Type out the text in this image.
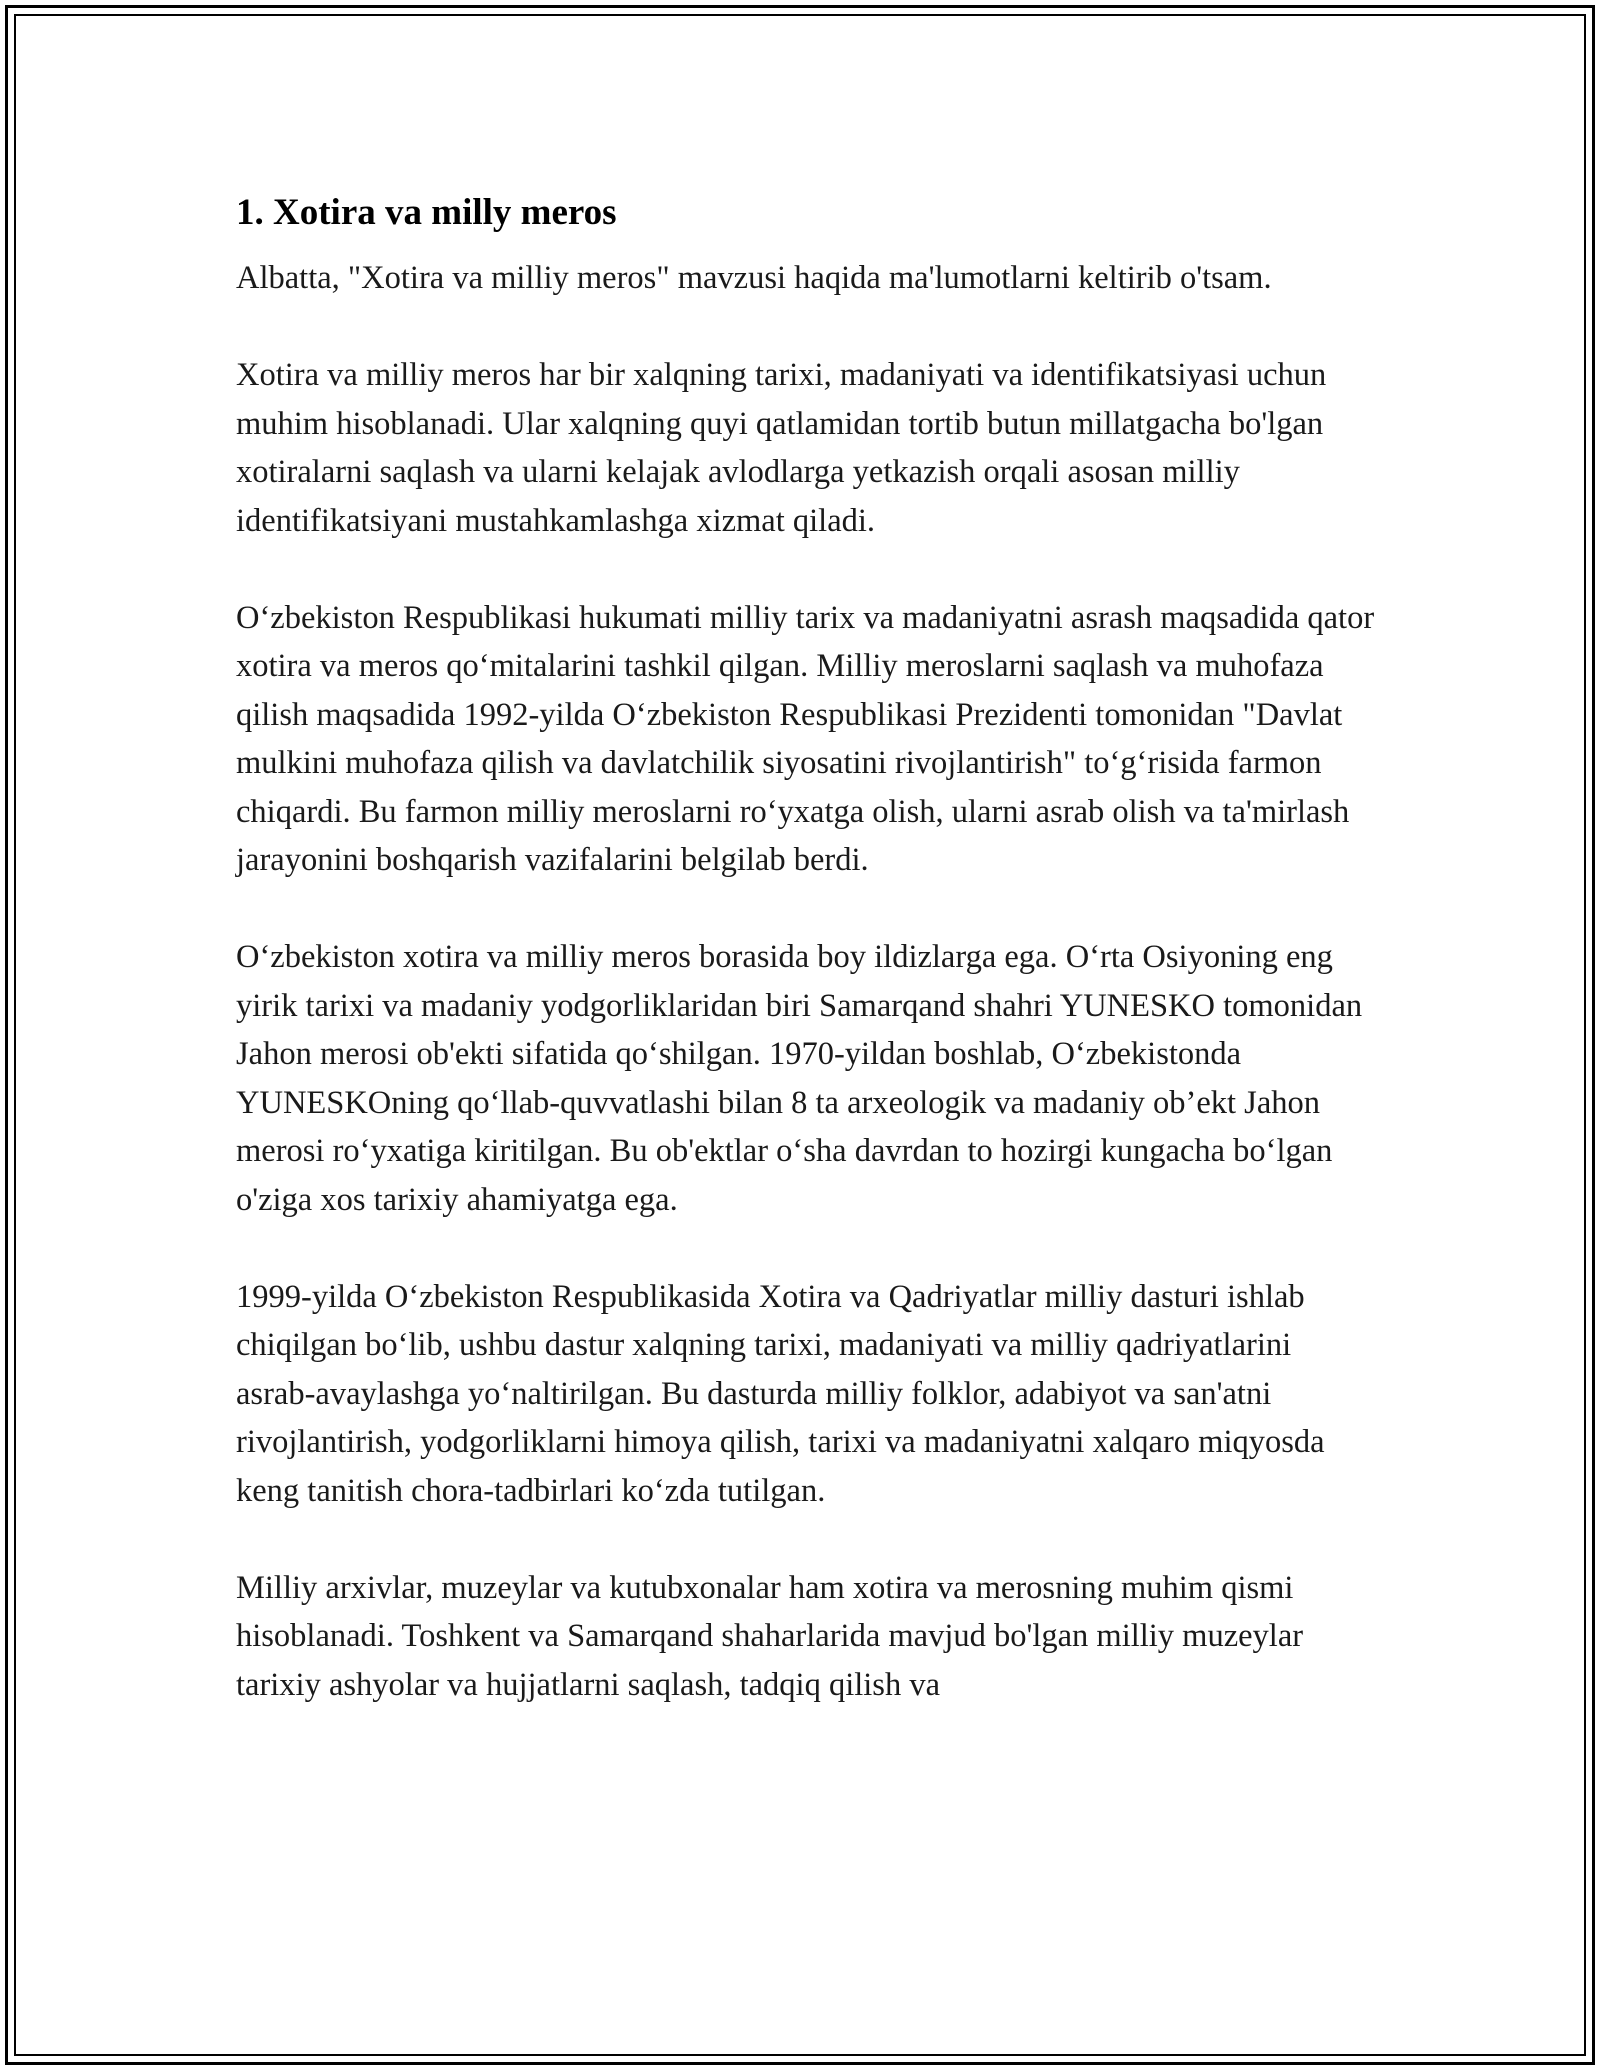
1. Xotira va milly meros

Albatta, "Xotira va milliy meros" mavzusi haqida ma'lumotlarni keltirib o'tsam.

Xotira va milliy meros har bir xalqning tarixi, madaniyati va identifikatsiyasi uchun muhim hisoblanadi. Ular xalqning quyi qatlamidan tortib butun millatgacha bo'lgan xotiralarni saqlash va ularni kelajak avlodlarga yetkazish orqali asosan milliy identifikatsiyani mustahkamlashga xizmat qiladi.

O‘zbekiston Respublikasi hukumati milliy tarix va madaniyatni asrash maqsadida qator xotira va meros qo‘mitalarini tashkil qilgan. Milliy meroslarni saqlash va muhofaza qilish maqsadida 1992-yilda O‘zbekiston Respublikasi Prezidenti tomonidan "Davlat mulkini muhofaza qilish va davlatchilik siyosatini rivojlantirish" to‘g‘risida farmon chiqardi. Bu farmon milliy meroslarni ro‘yxatga olish, ularni asrab olish va ta'mirlash jarayonini boshqarish vazifalarini belgilab berdi.

O‘zbekiston xotira va milliy meros borasida boy ildizlarga ega. O‘rta Osiyoning eng yirik tarixi va madaniy yodgorliklaridan biri Samarqand shahri YUNESKO tomonidan Jahon merosi ob'ekti sifatida qo‘shilgan. 1970-yildan boshlab, O‘zbekistonda YUNESKOning qo‘llab-quvvatlashi bilan 8 ta arxeologik va madaniy ob’ekt Jahon merosi ro‘yxatiga kiritilgan. Bu ob'ektlar o‘sha davrdan to hozirgi kungacha bo‘lgan o'ziga xos tarixiy ahamiyatga ega.

1999-yilda O‘zbekiston Respublikasida Xotira va Qadriyatlar milliy dasturi ishlab chiqilgan bo‘lib, ushbu dastur xalqning tarixi, madaniyati va milliy qadriyatlarini asrab-avaylashga yo‘naltirilgan. Bu dasturda milliy folklor, adabiyot va san'atni rivojlantirish, yodgorliklarni himoya qilish, tarixi va madaniyatni xalqaro miqyosda keng tanitish chora-tadbirlari ko‘zda tutilgan.

Milliy arxivlar, muzeylar va kutubxonalar ham xotira va merosning muhim qismi hisoblanadi. Toshkent va Samarqand shaharlarida mavjud bo'lgan milliy muzeylar tarixiy ashyolar va hujjatlarni saqlash, tadqiq qilish va
